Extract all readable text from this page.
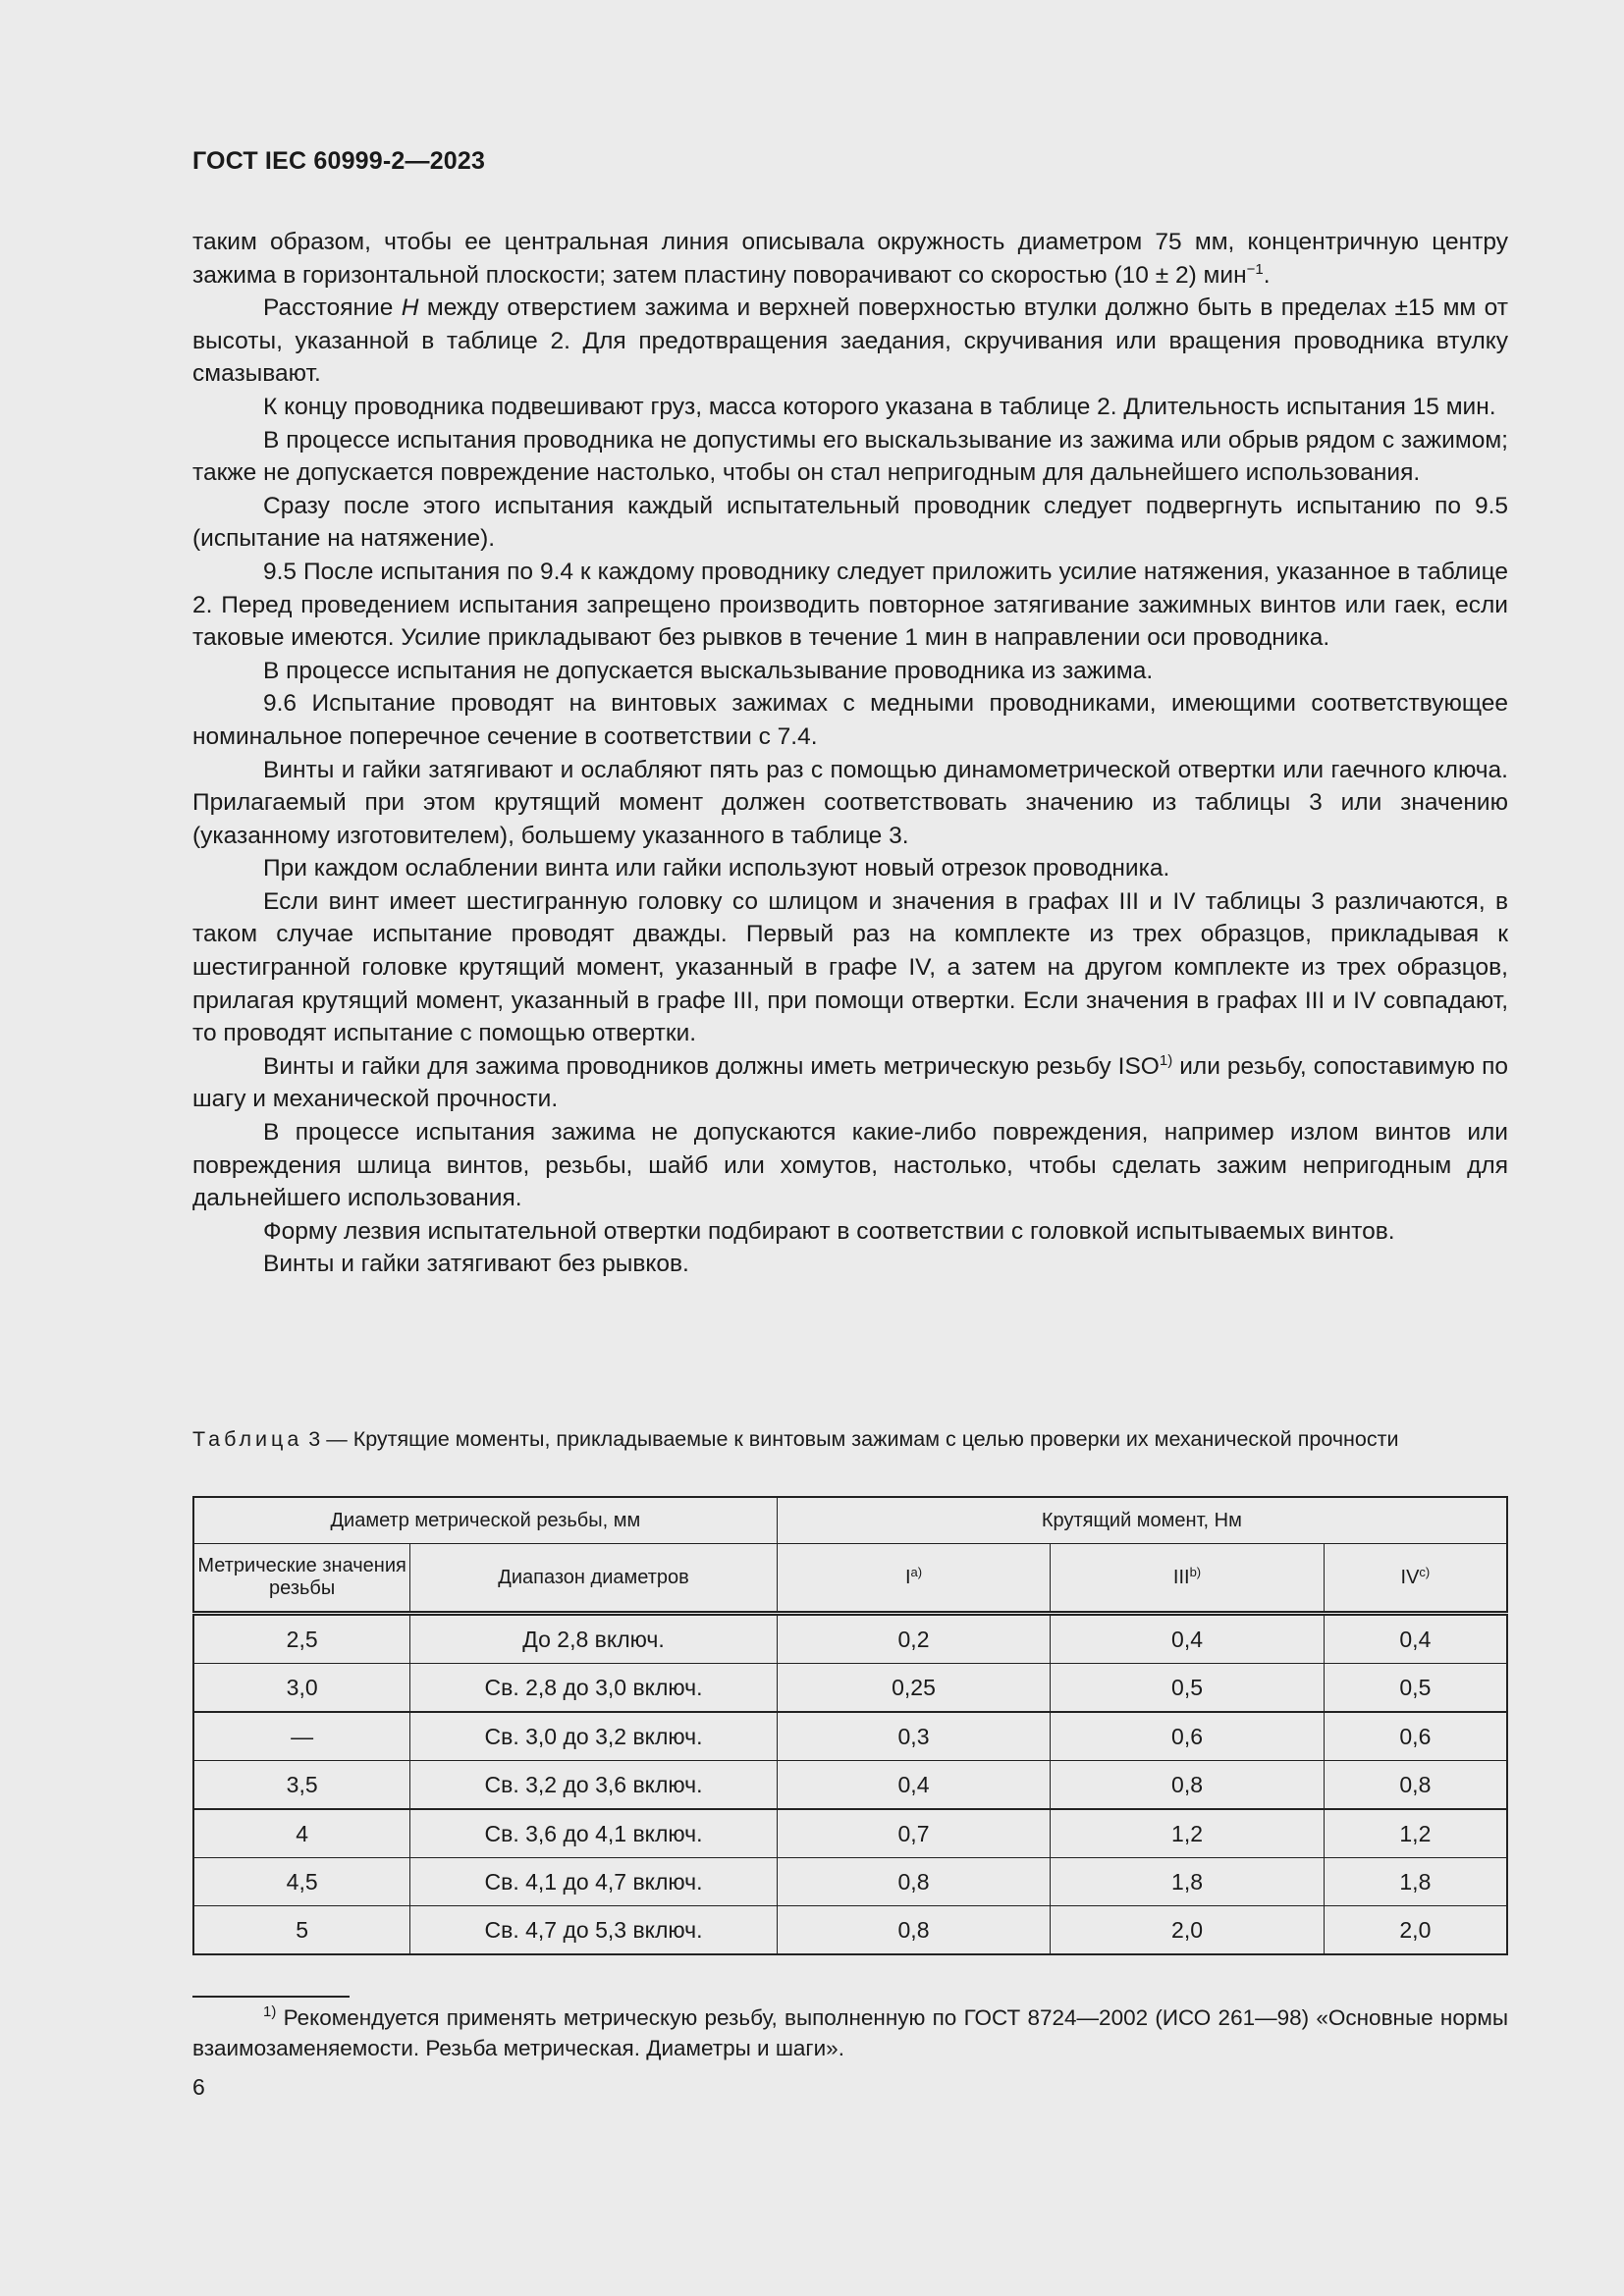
ГОСТ IEC 60999-2—2023

таким образом, чтобы ее центральная линия описывала окружность диаметром 75 мм, концентричную центру зажима в горизонтальной плоскости; затем пластину поворачивают со скоростью (10 ± 2) мин$^{-1}$.

Расстояние H между отверстием зажима и верхней поверхностью втулки должно быть в пределах ±15 мм от высоты, указанной в таблице 2. Для предотвращения заедания, скручивания или вращения проводника втулку смазывают.

К концу проводника подвешивают груз, масса которого указана в таблице 2. Длительность испытания 15 мин.

В процессе испытания проводника не допустимы его выскальзывание из зажима или обрыв рядом с зажимом; также не допускается повреждение настолько, чтобы он стал непригодным для дальнейшего использования.

Сразу после этого испытания каждый испытательный проводник следует подвергнуть испытанию по 9.5 (испытание на натяжение).

9.5 После испытания по 9.4 к каждому проводнику следует приложить усилие натяжения, указанное в таблице 2. Перед проведением испытания запрещено производить повторное затягивание зажимных винтов или гаек, если таковые имеются. Усилие прикладывают без рывков в течение 1 мин в направлении оси проводника.

В процессе испытания не допускается выскальзывание проводника из зажима.

9.6 Испытание проводят на винтовых зажимах с медными проводниками, имеющими соответствующее номинальное поперечное сечение в соответствии с 7.4.

Винты и гайки затягивают и ослабляют пять раз с помощью динамометрической отвертки или гаечного ключа. Прилагаемый при этом крутящий момент должен соответствовать значению из таблицы 3 или значению (указанному изготовителем), большему указанного в таблице 3.

При каждом ослаблении винта или гайки используют новый отрезок проводника.

Если винт имеет шестигранную головку со шлицом и значения в графах III и IV таблицы 3 различаются, в таком случае испытание проводят дважды. Первый раз на комплекте из трех образцов, прикладывая к шестигранной головке крутящий момент, указанный в графе IV, а затем на другом комплекте из трех образцов, прилагая крутящий момент, указанный в графе III, при помощи отвертки. Если значения в графах III и IV совпадают, то проводят испытание с помощью отвертки.

Винты и гайки для зажима проводников должны иметь метрическую резьбу ISO$^{1)}$ или резьбу, сопоставимую по шагу и механической прочности.

В процессе испытания зажима не допускаются какие-либо повреждения, например излом винтов или повреждения шлица винтов, резьбы, шайб или хомутов, настолько, чтобы сделать зажим непригодным для дальнейшего использования.

Форму лезвия испытательной отвертки подбирают в соответствии с головкой испытываемых винтов.

Винты и гайки затягивают без рывков.

Таблица 3 — Крутящие моменты, прикладываемые к винтовым зажимам с целью проверки их механической прочности
Диаметр метрической резьбы, мм		Крутящий момент, Нм		
Метрические значения резьбы	Диапазон диаметров	$I^{a)}$	III$^{b)}$	IV$^{c)}$
2,5	До 2,8 включ.	0,2	0,4	0,4
3,0	Св. 2,8 до 3,0 включ.	0,25	0,5	0,5
—	Св. 3,0 до 3,2 включ.	0,3	0,6	0,6
3,5	Св. 3,2 до 3,6 включ.	0,4	0,8	0,8
4	Св. 3,6 до 4,1 включ.	0,7	1,2	1,2
4,5	Св. 4,1 до 4,7 включ.	0,8	1,8	1,8
5	Св. 4,7 до 5,3 включ.	0,8	2,0	2,0

$^{1)}$ Рекомендуется применять метрическую резьбу, выполненную по ГОСТ 8724—2002 (ИСО 261—98) «Основные нормы взаимозаменяемости. Резьба метрическая. Диаметры и шаги».

6
